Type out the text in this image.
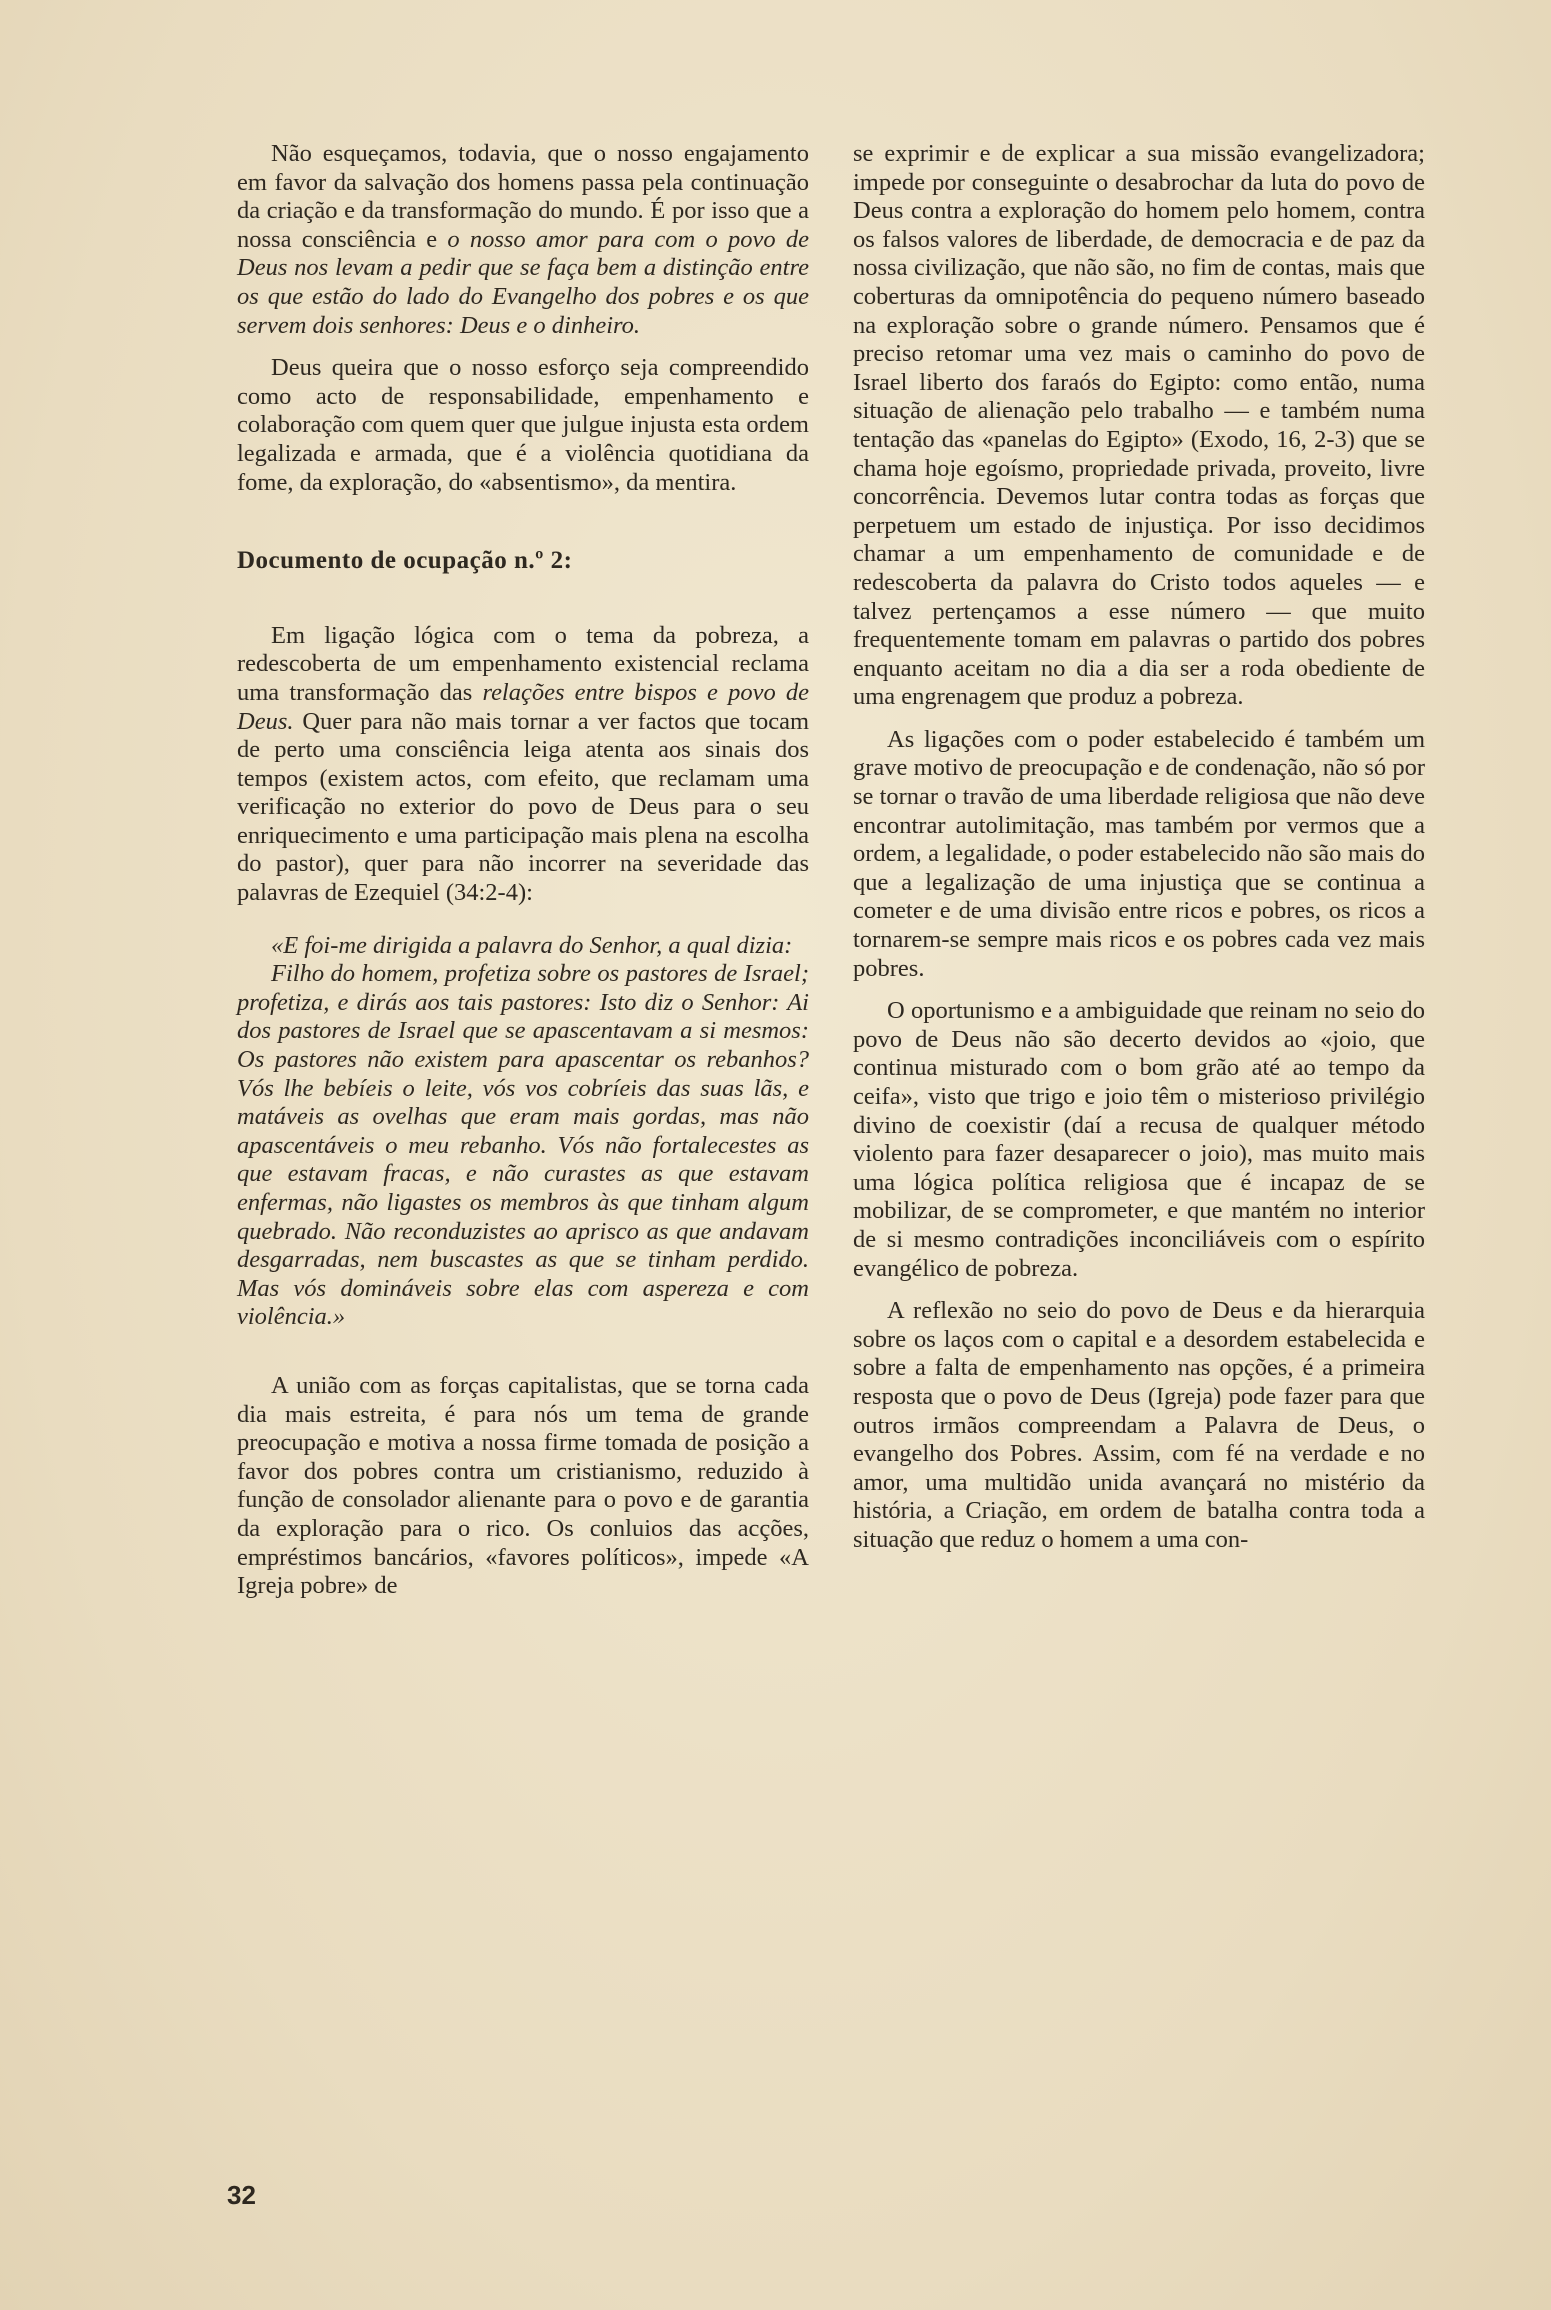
Não esqueçamos, todavia, que o nosso engajamento em favor da salvação dos homens passa pela continuação da criação e da transformação do mundo. É por isso que a nossa consciência e o nosso amor para com o povo de Deus nos levam a pedir que se faça bem a distinção entre os que estão do lado do Evangelho dos pobres e os que servem dois senhores: Deus e o dinheiro.

Deus queira que o nosso esforço seja compreendido como acto de responsabilidade, empenhamento e colaboração com quem quer que julgue injusta esta ordem legalizada e armada, que é a violência quotidiana da fome, da exploração, do «absentismo», da mentira.

Documento de ocupação n.º 2:

Em ligação lógica com o tema da pobreza, a redescoberta de um empenhamento existencial reclama uma transformação das relações entre bispos e povo de Deus. Quer para não mais tornar a ver factos que tocam de perto uma consciência leiga atenta aos sinais dos tempos (existem actos, com efeito, que reclamam uma verificação no exterior do povo de Deus para o seu enriquecimento e uma participação mais plena na escolha do pastor), quer para não incorrer na severidade das palavras de Ezequiel (34:2-4):

«E foi-me dirigida a palavra do Senhor, a qual dizia:

Filho do homem, profetiza sobre os pastores de Israel; profetiza, e dirás aos tais pastores: Isto diz o Senhor: Ai dos pastores de Israel que se apascentavam a si mesmos: Os pastores não existem para apascentar os rebanhos? Vós lhe bebíeis o leite, vós vos cobríeis das suas lãs, e matáveis as ovelhas que eram mais gordas, mas não apascentáveis o meu rebanho. Vós não fortalecestes as que estavam fracas, e não curastes as que estavam enfermas, não ligastes os membros às que tinham algum quebrado. Não reconduzistes ao aprisco as que andavam desgarradas, nem buscastes as que se tinham perdido. Mas vós domináveis sobre elas com aspereza e com violência.»

A união com as forças capitalistas, que se torna cada dia mais estreita, é para nós um tema de grande preocupação e motiva a nossa firme tomada de posição a favor dos pobres contra um cristianismo, reduzido à função de consolador alienante para o povo e de garantia da exploração para o rico. Os conluios das acções, empréstimos bancários, «favores políticos», impede «A Igreja pobre» de

se exprimir e de explicar a sua missão evangelizadora; impede por conseguinte o desabrochar da luta do povo de Deus contra a exploração do homem pelo homem, contra os falsos valores de liberdade, de democracia e de paz da nossa civilização, que não são, no fim de contas, mais que coberturas da omnipotência do pequeno número baseado na exploração sobre o grande número. Pensamos que é preciso retomar uma vez mais o caminho do povo de Israel liberto dos faraós do Egipto: como então, numa situação de alienação pelo trabalho — e também numa tentação das «panelas do Egipto» (Exodo, 16, 2-3) que se chama hoje egoísmo, propriedade privada, proveito, livre concorrência. Devemos lutar contra todas as forças que perpetuem um estado de injustiça. Por isso decidimos chamar a um empenhamento de comunidade e de redescoberta da palavra do Cristo todos aqueles — e talvez pertençamos a esse número — que muito frequentemente tomam em palavras o partido dos pobres enquanto aceitam no dia a dia ser a roda obediente de uma engrenagem que produz a pobreza.

As ligações com o poder estabelecido é também um grave motivo de preocupação e de condenação, não só por se tornar o travão de uma liberdade religiosa que não deve encontrar autolimitação, mas também por vermos que a ordem, a legalidade, o poder estabelecido não são mais do que a legalização de uma injustiça que se continua a cometer e de uma divisão entre ricos e pobres, os ricos a tornarem-se sempre mais ricos e os pobres cada vez mais pobres.

O oportunismo e a ambiguidade que reinam no seio do povo de Deus não são decerto devidos ao «joio, que continua misturado com o bom grão até ao tempo da ceifa», visto que trigo e joio têm o misterioso privilégio divino de coexistir (daí a recusa de qualquer método violento para fazer desaparecer o joio), mas muito mais uma lógica política religiosa que é incapaz de se mobilizar, de se comprometer, e que mantém no interior de si mesmo contradições inconciliáveis com o espírito evangélico de pobreza.

A reflexão no seio do povo de Deus e da hierarquia sobre os laços com o capital e a desordem estabelecida e sobre a falta de empenhamento nas opções, é a primeira resposta que o povo de Deus (Igreja) pode fazer para que outros irmãos compreendam a Palavra de Deus, o evangelho dos Pobres. Assim, com fé na verdade e no amor, uma multidão unida avançará no mistério da história, a Criação, em ordem de batalha contra toda a situação que reduz o homem a uma con-

32
